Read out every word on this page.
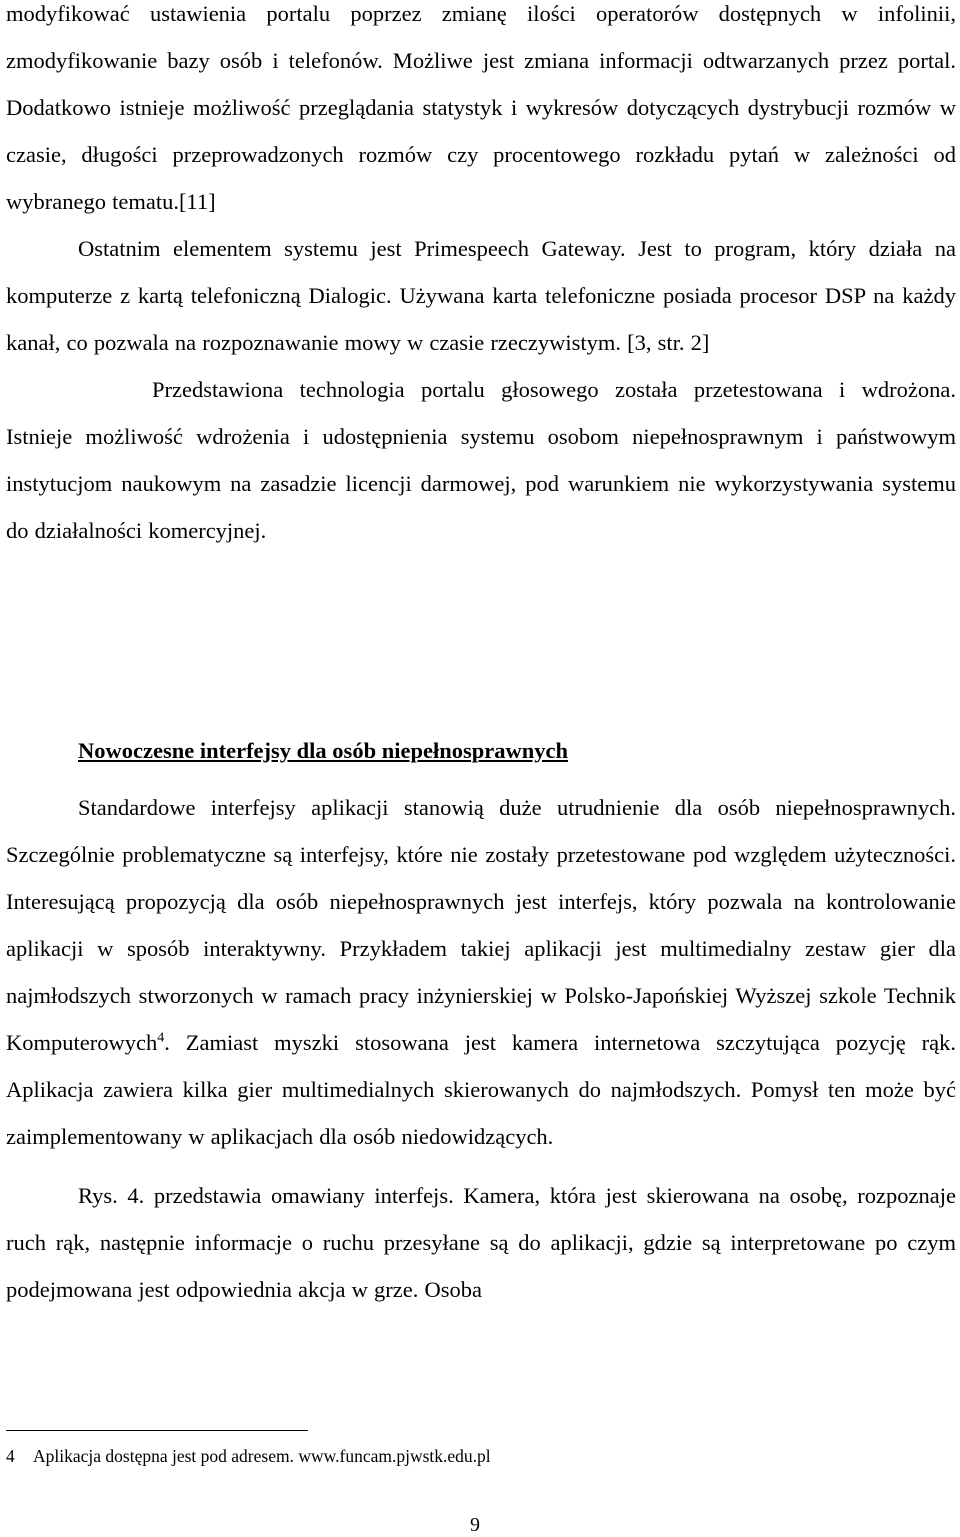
modyfikować ustawienia portalu poprzez zmianę ilości operatorów dostępnych w infolinii, zmodyfikowanie bazy osób i telefonów. Możliwe jest zmiana informacji odtwarzanych przez portal. Dodatkowo istnieje możliwość przeglądania statystyk i wykresów dotyczących dystrybucji rozmów w czasie, długości przeprowadzonych rozmów czy procentowego rozkładu pytań w zależności od wybranego tematu.[11]

Ostatnim elementem systemu jest Primespeech Gateway. Jest to program, który działa na komputerze z kartą telefoniczną Dialogic. Używana karta telefoniczne posiada procesor DSP na każdy kanał, co pozwala na rozpoznawanie mowy w czasie rzeczywistym. [3, str. 2]

Przedstawiona technologia portalu głosowego została przetestowana i wdrożona. Istnieje możliwość wdrożenia i udostępnienia systemu osobom niepełnosprawnym i państwowym instytucjom naukowym na zasadzie licencji darmowej, pod warunkiem nie wykorzystywania systemu do działalności komercyjnej.

Nowoczesne interfejsy dla osób niepełnosprawnych

Standardowe interfejsy aplikacji stanowią duże utrudnienie dla osób niepełnosprawnych. Szczególnie problematyczne są interfejsy, które nie zostały przetestowane pod względem użyteczności. Interesującą propozycją dla osób niepełnosprawnych jest interfejs, który pozwala na kontrolowanie aplikacji w sposób interaktywny. Przykładem takiej aplikacji jest multimedialny zestaw gier dla najmłodszych stworzonych w ramach pracy inżynierskiej w Polsko-Japońskiej Wyższej szkole Technik Komputerowych$^4$. Zamiast myszki stosowana jest kamera internetowa szczytująca pozycję rąk. Aplikacja zawiera kilka gier multimedialnych skierowanych do najmłodszych. Pomysł ten może być zaimplementowany w aplikacjach dla osób niedowidzących.

Rys. 4. przedstawia omawiany interfejs. Kamera, która jest skierowana na osobę, rozpoznaje ruch rąk, następnie informacje o ruchu przesyłane są do aplikacji, gdzie są interpretowane po czym podejmowana jest odpowiednia akcja w grze. Osoba

4 Aplikacja dostępna jest pod adresem. www.funcam.pjwstk.edu.pl

9
